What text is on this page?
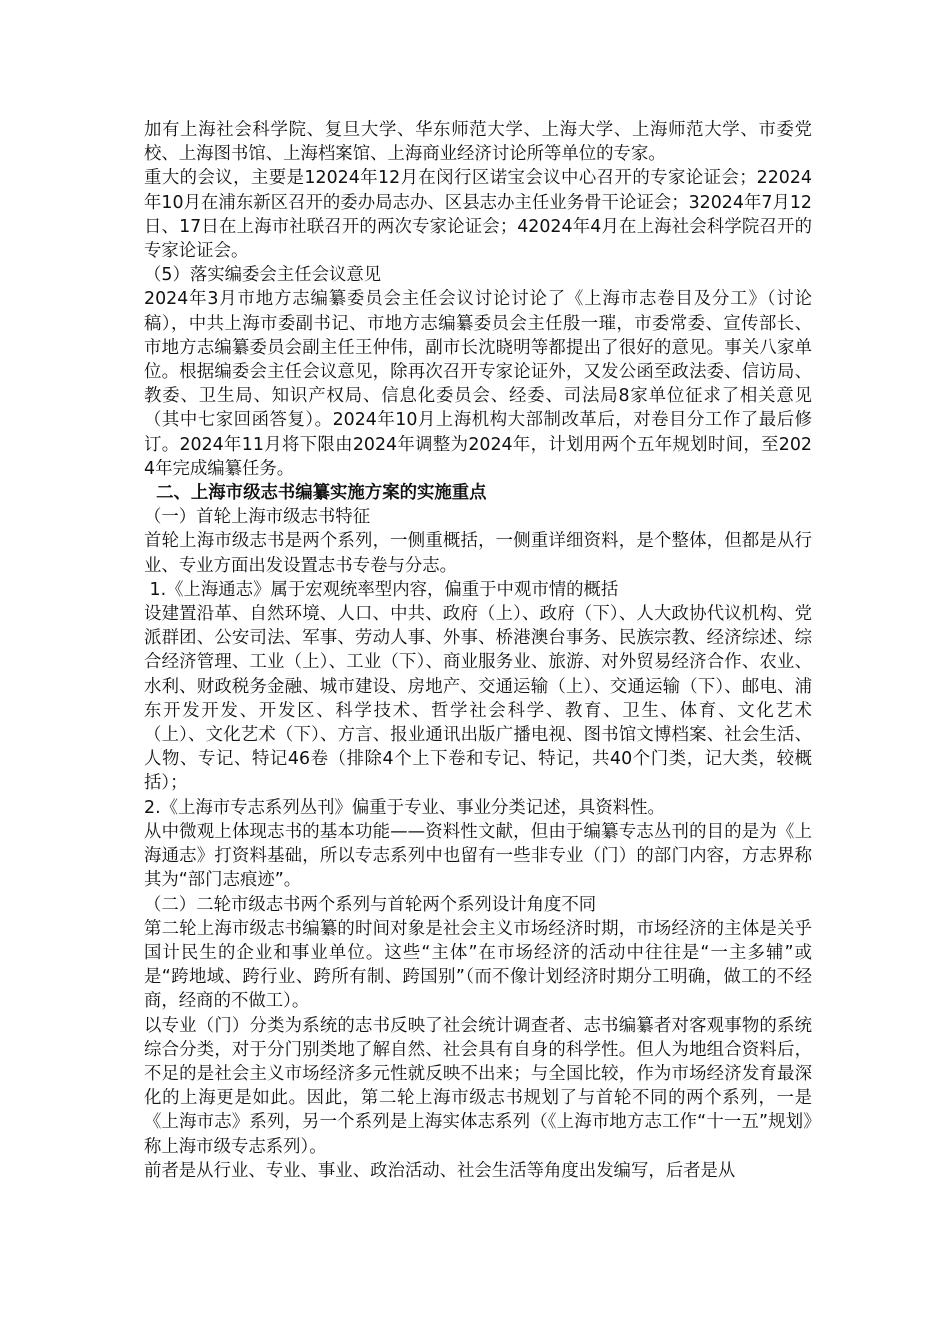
加有上海社会科学院、复旦大学、华东师范大学、上海大学、上海师范大学、市委党校、上海图书馆、上海档案馆、上海商业经济讨论所等单位的专家。

重大的会议，主要是12024年12月在闵行区诺宝会议中心召开的专家论证会；22024年10月在浦东新区召开的委办局志办、区县志办主任业务骨干论证会；32024年7月12日、17日在上海市社联召开的两次专家论证会；42024年4月在上海社会科学院召开的专家论证会。

（5）落实编委会主任会议意见

2024年3月市地方志编纂委员会主任会议讨论讨论了《上海市志卷目及分工》（讨论稿），中共上海市委副书记、市地方志编纂委员会主任殷一璀，市委常委、宣传部长、市地方志编纂委员会副主任王仲伟，副市长沈晓明等都提出了很好的意见。事关八家单位。根据编委会主任会议意见，除再次召开专家论证外，又发公函至政法委、信访局、教委、卫生局、知识产权局、信息化委员会、经委、司法局8家单位征求了相关意见（其中七家回函答复）。2024年10月上海机构大部制改革后，对卷目分工作了最后修订。2024年11月将下限由2024年调整为2024年，计划用两个五年规划时间，至2024年完成编纂任务。

二、上海市级志书编纂实施方案的实施重点

（一）首轮上海市级志书特征

首轮上海市级志书是两个系列，一侧重概括，一侧重详细资料，是个整体，但都是从行业、专业方面出发设置志书专卷与分志。

1.《上海通志》属于宏观统率型内容，偏重于中观市情的概括

设建置沿革、自然环境、人口、中共、政府（上）、政府（下）、人大政协代议机构、党派群团、公安司法、军事、劳动人事、外事、桥港澳台事务、民族宗教、经济综述、综合经济管理、工业（上）、工业（下）、商业服务业、旅游、对外贸易经济合作、农业、水利、财政税务金融、城市建设、房地产、交通运输（上）、交通运输（下）、邮电、浦东开发开发、开发区、科学技术、哲学社会科学、教育、卫生、体育、文化艺术（上）、文化艺术（下）、方言、报业通讯出版广播电视、图书馆文博档案、社会生活、人物、专记、特记46卷（排除4个上下卷和专记、特记，共40个门类，记大类，较概括）；

2.《上海市专志系列丛刊》偏重于专业、事业分类记述，具资料性。

从中微观上体现志书的基本功能——资料性文献，但由于编纂专志丛刊的目的是为《上海通志》打资料基础，所以专志系列中也留有一些非专业（门）的部门内容，方志界称其为“部门志痕迹”。

（二）二轮市级志书两个系列与首轮两个系列设计角度不同

第二轮上海市级志书编纂的时间对象是社会主义市场经济时期，市场经济的主体是关乎国计民生的企业和事业单位。这些“主体”在市场经济的活动中往往是“一主多辅”或是“跨地域、跨行业、跨所有制、跨国别”（而不像计划经济时期分工明确，做工的不经商，经商的不做工）。

以专业（门）分类为系统的志书反映了社会统计调查者、志书编纂者对客观事物的系统综合分类，对于分门别类地了解自然、社会具有自身的科学性。但人为地组合资料后，不足的是社会主义市场经济多元性就反映不出来；与全国比较，作为市场经济发育最深化的上海更是如此。因此，第二轮上海市级志书规划了与首轮不同的两个系列，一是《上海市志》系列，另一个系列是上海实体志系列（《上海市地方志工作“十一五”规划》称上海市级专志系列）。

前者是从行业、专业、事业、政治活动、社会生活等角度出发编写，后者是从
